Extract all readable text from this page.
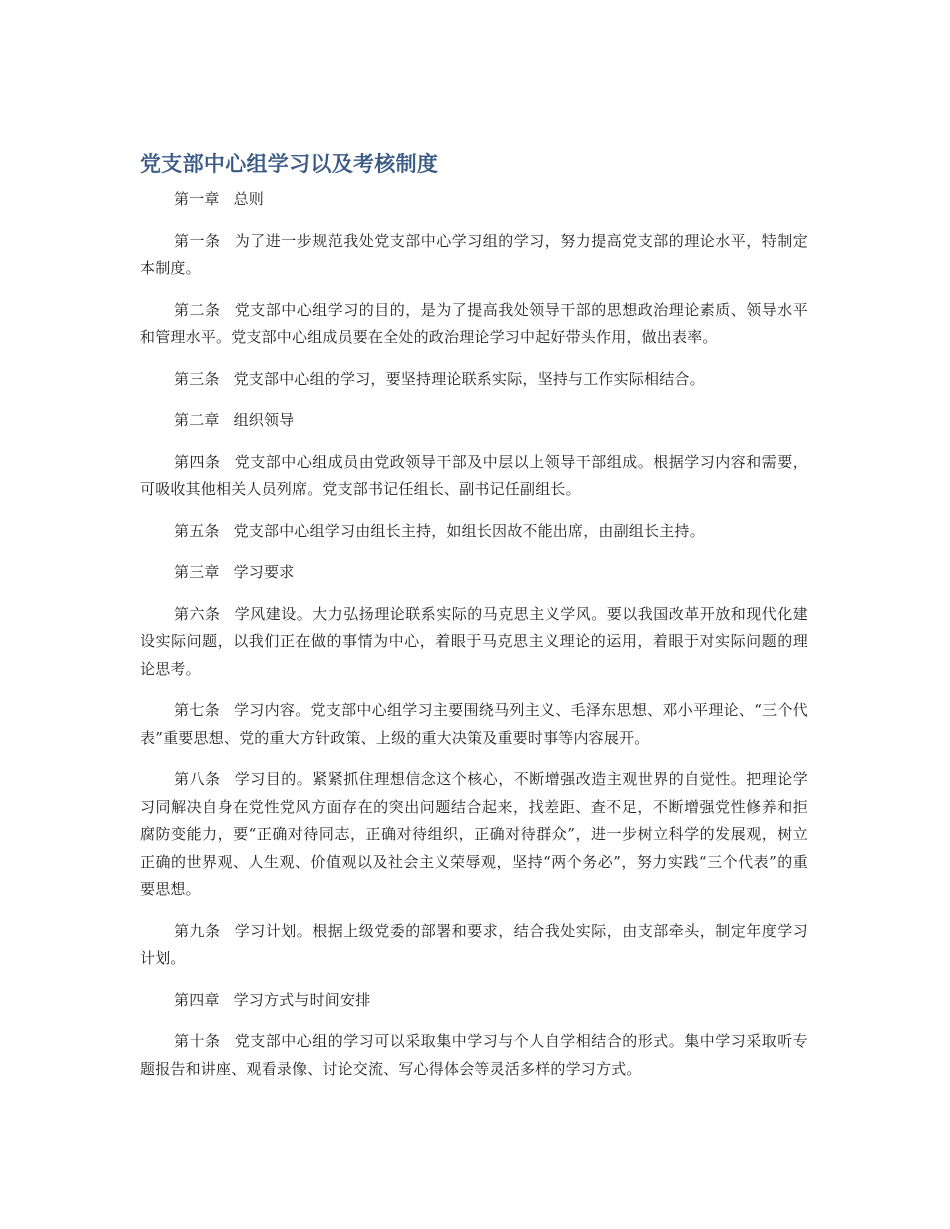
党支部中心组学习以及考核制度

第一章 总则

第一条 为了进一步规范我处党支部中心学习组的学习，努力提高党支部的理论水平，特制定本制度。

第二条 党支部中心组学习的目的，是为了提高我处领导干部的思想政治理论素质、领导水平和管理水平。党支部中心组成员要在全处的政治理论学习中起好带头作用，做出表率。

第三条 党支部中心组的学习，要坚持理论联系实际，坚持与工作实际相结合。

第二章 组织领导

第四条 党支部中心组成员由党政领导干部及中层以上领导干部组成。根据学习内容和需要，可吸收其他相关人员列席。党支部书记任组长、副书记任副组长。

第五条 党支部中心组学习由组长主持，如组长因故不能出席，由副组长主持。

第三章 学习要求

第六条 学风建设。大力弘扬理论联系实际的马克思主义学风。要以我国改革开放和现代化建设实际问题，以我们正在做的事情为中心，着眼于马克思主义理论的运用，着眼于对实际问题的理论思考。

第七条 学习内容。党支部中心组学习主要围绕马列主义、毛泽东思想、邓小平理论、“三个代表”重要思想、党的重大方针政策、上级的重大决策及重要时事等内容展开。

第八条 学习目的。紧紧抓住理想信念这个核心，不断增强改造主观世界的自觉性。把理论学习同解决自身在党性党风方面存在的突出问题结合起来，找差距、查不足，不断增强党性修养和拒腐防变能力，要“正确对待同志，正确对待组织，正确对待群众”，进一步树立科学的发展观，树立正确的世界观、人生观、价值观以及社会主义荣辱观，坚持“两个务必”，努力实践“三个代表”的重要思想。

第九条 学习计划。根据上级党委的部署和要求，结合我处实际，由支部牵头，制定年度学习计划。

第四章 学习方式与时间安排

第十条 党支部中心组的学习可以采取集中学习与个人自学相结合的形式。集中学习采取听专题报告和讲座、观看录像、讨论交流、写心得体会等灵活多样的学习方式。
